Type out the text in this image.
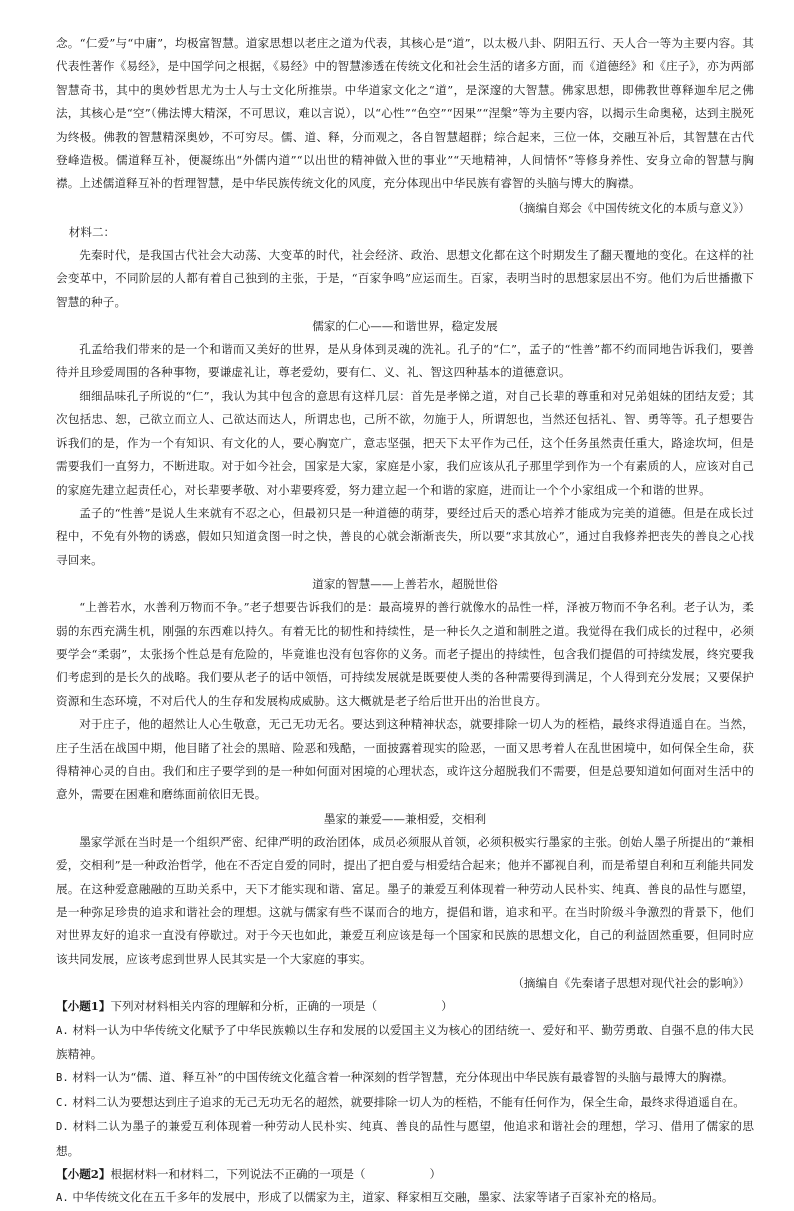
念。“仁爱”与“中庸”，均极富智慧。道家思想以老庄之道为代表，其核心是“道”，以太极八卦、阴阳五行、天人合一等为主要内容。其代表性著作《易经》，是中国学问之根据，《易经》中的智慧渗透在传统文化和社会生活的诸多方面，而《道德经》和《庄子》，亦为两部智慧奇书，其中的奥妙哲思尤为士人与士文化所推崇。中华道家文化之“道”，是深邃的大智慧。佛家思想，即佛教世尊释迦牟尼之佛法，其核心是“空”（佛法博大精深，不可思议，难以言说），以“心性”“色空”“因果”“涅槃”等为主要内容，以揭示生命奥秘，达到主脱死为终极。佛教的智慧精深奥妙，不可穷尽。儒、道、释，分而观之，各自智慧超群；综合起来，三位一体，交融互补后，其智慧在古代登峰造极。儒道释互补，便凝练出“外儒内道”“以出世的精神做入世的事业”“天地精神，人间情怀”等修身养性、安身立命的智慧与胸襟。上述儒道释互补的哲理智慧，是中华民族传统文化的风度，充分体现出中华民族有睿智的头脑与博大的胸襟。

（摘编自郑会《中国传统文化的本质与意义》）

材料二：

先秦时代，是我国古代社会大动荡、大变革的时代，社会经济、政治、思想文化都在这个时期发生了翻天覆地的变化。在这样的社会变革中，不同阶层的人都有着自己独到的主张，于是，“百家争鸣”应运而生。百家，表明当时的思想家层出不穷。他们为后世播撒下智慧的种子。

儒家的仁心——和谐世界，稳定发展

孔孟给我们带来的是一个和谐而又美好的世界，是从身体到灵魂的洗礼。孔子的“仁”，孟子的“性善”都不约而同地告诉我们，要善待并且珍爱周围的各种事物，要谦虚礼让，尊老爱幼，要有仁、义、礼、智这四种基本的道德意识。

细细品味孔子所说的“仁”，我认为其中包含的意思有这样几层：首先是孝悌之道，对自己长辈的尊重和对兄弟姐妹的团结友爱；其次包括忠、恕，己欲立而立人、己欲达而达人，所谓忠也，己所不欲，勿施于人，所谓恕也，当然还包括礼、智、勇等等。孔子想要告诉我们的是，作为一个有知识、有文化的人，要心胸宽广，意志坚强，把天下太平作为己任，这个任务虽然责任重大，路途坎坷，但是需要我们一直努力，不断进取。对于如今社会，国家是大家，家庭是小家，我们应该从孔子那里学到作为一个有素质的人，应该对自己的家庭先建立起责任心，对长辈要孝敬、对小辈要疼爱，努力建立起一个和谐的家庭，进而让一个个小家组成一个和谐的世界。

孟子的“性善”是说人生来就有不忍之心，但最初只是一种道德的萌芽，要经过后天的悉心培养才能成为完美的道德。但是在成长过程中，不免有外物的诱惑，假如只知道贪图一时之快，善良的心就会渐渐丧失，所以要“求其放心”，通过自我修养把丧失的善良之心找寻回来。

道家的智慧——上善若水，超脱世俗

“上善若水，水善利万物而不争。”老子想要告诉我们的是：最高境界的善行就像水的品性一样，泽被万物而不争名利。老子认为，柔弱的东西充满生机，刚强的东西难以持久。有着无比的韧性和持续性，是一种长久之道和制胜之道。我觉得在我们成长的过程中，必须要学会“柔弱”，太张扬个性总是有危险的，毕竟谁也没有包容你的义务。而老子提出的持续性，包含我们提倡的可持续发展，终究要我们考虑到的是长久的战略。我们要从老子的话中领悟，可持续发展就是既要使人类的各种需要得到满足，个人得到充分发展；又要保护资源和生态环境，不对后代人的生存和发展构成威胁。这大概就是老子给后世开出的治世良方。

对于庄子，他的超然让人心生敬意，无己无功无名。要达到这种精神状态，就要排除一切人为的桎梏，最终求得逍遥自在。当然，庄子生活在战国中期，他目睹了社会的黑暗、险恶和残酷，一面披露着现实的险恶，一面又思考着人在乱世困境中，如何保全生命，获得精神心灵的自由。我们和庄子要学到的是一种如何面对困境的心理状态，或许这分超脱我们不需要，但是总要知道如何面对生活中的意外，需要在困难和磨练面前依旧无畏。

墨家的兼爱——兼相爱，交相利

墨家学派在当时是一个组织严密、纪律严明的政治团体，成员必须服从首领，必须积极实行墨家的主张。创始人墨子所提出的“兼相爱，交相利”是一种政治哲学，他在不否定自爱的同时，提出了把自爱与相爱结合起来；他并不鄙视自利，而是希望自利和互利能共同发展。在这种爱意融融的互助关系中，天下才能实现和谐、富足。墨子的兼爱互利体现着一种劳动人民朴实、纯真、善良的品性与愿望，是一种弥足珍贵的追求和谐社会的理想。这就与儒家有些不谋而合的地方，提倡和谐，追求和平。在当时阶级斗争激烈的背景下，他们对世界友好的追求一直没有停歇过。对于今天也如此，兼爱互利应该是每一个国家和民族的思想文化，自己的利益固然重要，但同时应该共同发展，应该考虑到世界人民其实是一个大家庭的事实。

（摘编自《先秦诸子思想对现代社会的影响》）

【小题1】下列对材料相关内容的理解和分析，正确的一项是（	）

A. 材料一认为中华传统文化赋予了中华民族赖以生存和发展的以爱国主义为核心的团结统一、爱好和平、勤劳勇敢、自强不息的伟大民族精神。

B. 材料一认为“儒、道、释互补”的中国传统文化蕴含着一种深刻的哲学智慧，充分体现出中华民族有最睿智的头脑与最博大的胸襟。

C. 材料二认为要想达到庄子追求的无己无功无名的超然，就要排除一切人为的桎梏，不能有任何作为，保全生命，最终求得逍遥自在。

D. 材料二认为墨子的兼爱互利体现着一种劳动人民朴实、纯真、善良的品性与愿望，他追求和谐社会的理想，学习、借用了儒家的思想。

【小题2】根据材料一和材料二，下列说法不正确的一项是（	）

A. 中华传统文化在五千多年的发展中，形成了以儒家为主，道家、释家相互交融，墨家、法家等诸子百家补充的格局。
